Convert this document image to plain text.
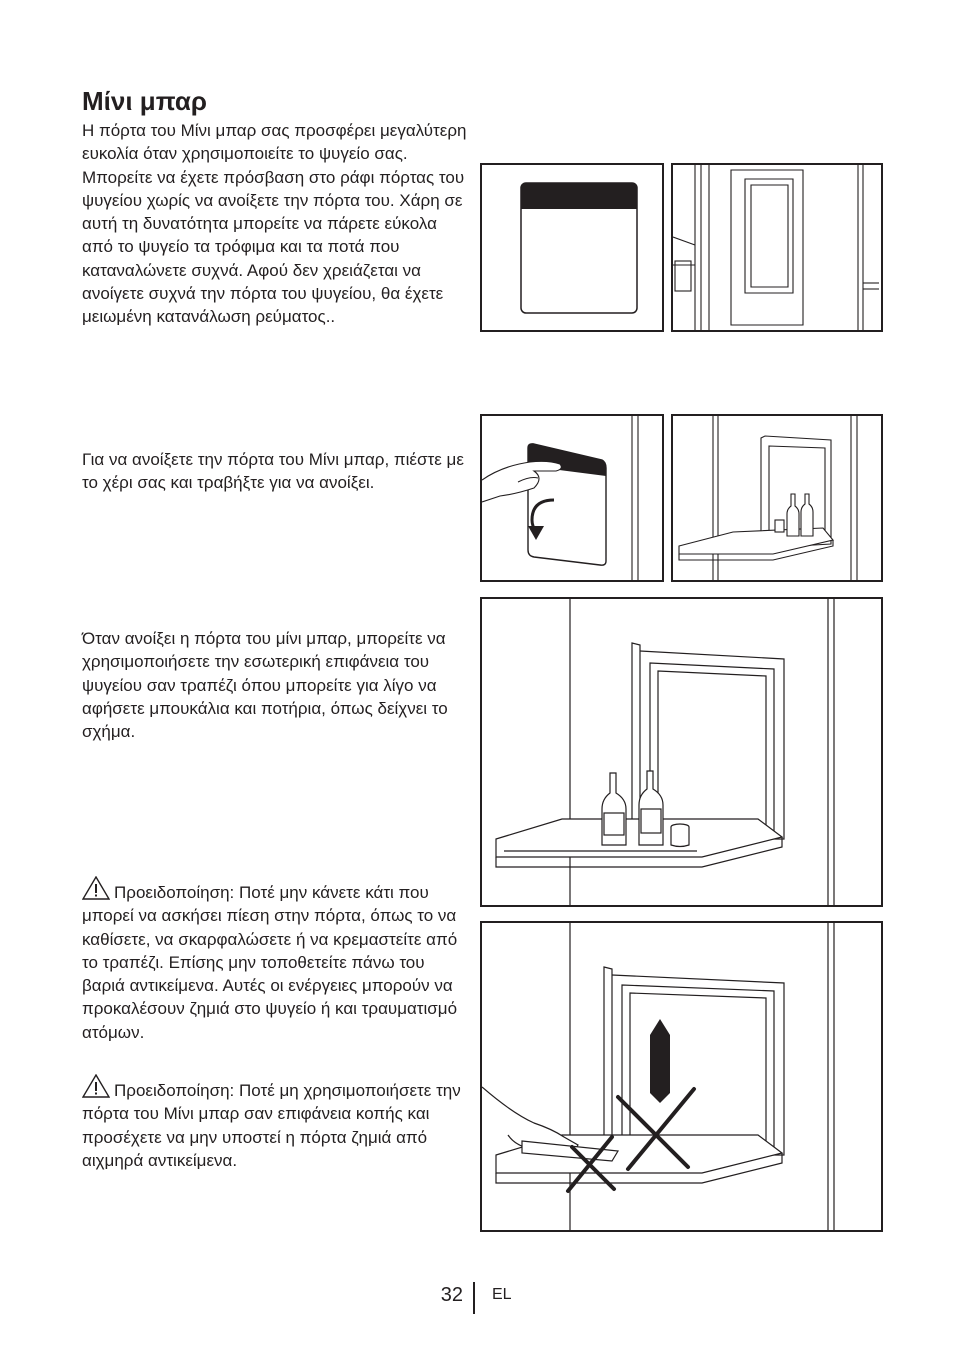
Μίνι μπαρ

Η πόρτα του Μίνι μπαρ σας προσφέρει μεγαλύτερη ευκολία όταν χρησιμοποιείτε το ψυγείο σας. Μπορείτε να έχετε πρόσβαση στο ράφι πόρτας του ψυγείου χωρίς να ανοίξετε την πόρτα του. Χάρη σε αυτή τη δυνατότητα μπορείτε να πάρετε εύκολα από το ψυγείο τα τρόφιμα και τα ποτά που καταναλώνετε συχνά. Αφού δεν χρειάζεται να ανοίγετε συχνά την πόρτα του ψυγείου, θα έχετε μειωμένη κατανάλωση ρεύματος..

Για να ανοίξετε την πόρτα του Μίνι μπαρ, πιέστε με το χέρι σας και τραβήξτε για να ανοίξει.

Όταν ανοίξει η πόρτα του μίνι μπαρ, μπορείτε να χρησιμοποιήσετε την εσωτερική επιφάνεια του ψυγείου σαν τραπέζι όπου μπορείτε για λίγο να αφήσετε μπουκάλια και ποτήρια, όπως δείχνει το σχήμα.

Προειδοποίηση: Ποτέ μην κάνετε κάτι που μπορεί να ασκήσει πίεση στην πόρτα, όπως το να καθίσετε, να σκαρφαλώσετε ή να κρεμαστείτε από το τραπέζι. Επίσης μην τοποθετείτε πάνω του βαριά αντικείμενα. Αυτές οι ενέργειες μπορούν να προκαλέσουν ζημιά στο ψυγείο ή και τραυματισμό ατόμων.

Προειδοποίηση: Ποτέ μη χρησιμοποιήσετε την πόρτα του Μίνι μπαρ σαν επιφάνεια κοπής και προσέχετε να μην υποστεί η πόρτα ζημιά από αιχμηρά αντικείμενα.

32 EL
